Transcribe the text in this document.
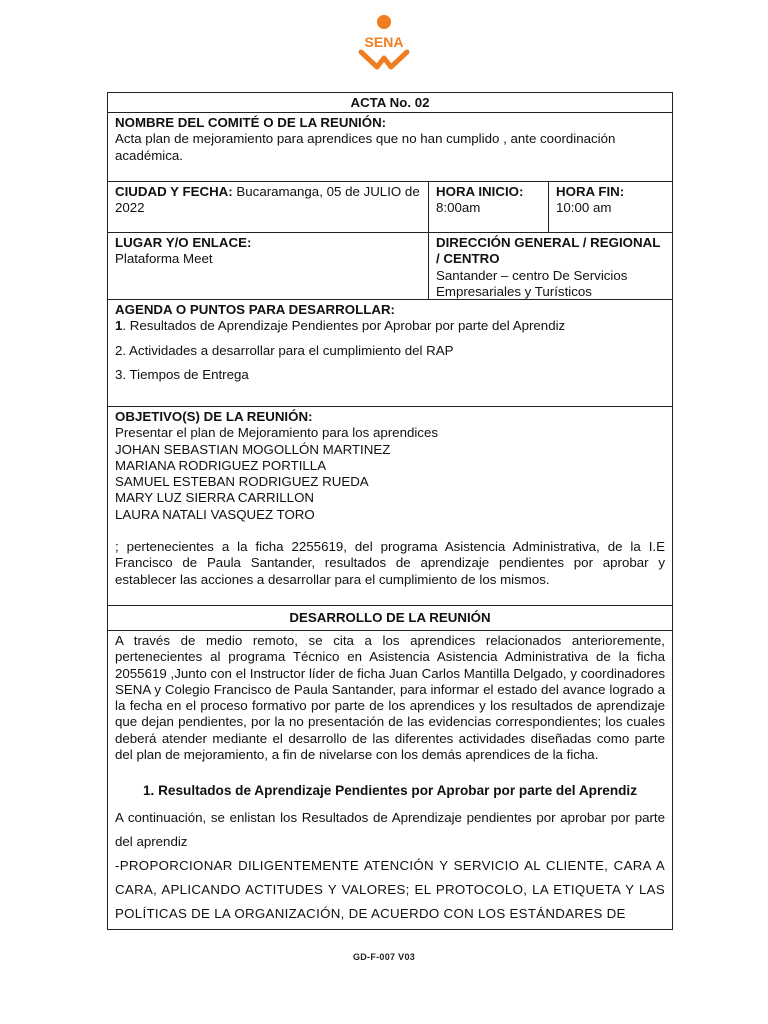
SENA
ACTA No. 02
NOMBRE DEL COMITÉ O DE LA REUNIÓN:
Acta plan de mejoramiento para aprendices que no han cumplido , ante coordinación académica.
CIUDAD Y FECHA: Bucaramanga, 05 de JULIO de 2022
HORA INICIO:
8:00am
HORA FIN:
10:00 am
LUGAR Y/O ENLACE:
Plataforma Meet
DIRECCIÓN GENERAL / REGIONAL / CENTRO
Santander – centro De Servicios Empresariales y Turísticos
AGENDA O PUNTOS PARA DESARROLLAR:
1. Resultados de Aprendizaje Pendientes por Aprobar por parte del Aprendiz
2. Actividades a desarrollar para el cumplimiento del RAP
3. Tiempos de Entrega
OBJETIVO(S) DE LA REUNIÓN:
Presentar el plan de Mejoramiento para los aprendices
JOHAN SEBASTIAN MOGOLLÓN MARTINEZ
MARIANA RODRIGUEZ PORTILLA
SAMUEL ESTEBAN RODRIGUEZ RUEDA
MARY LUZ SIERRA CARRILLON
LAURA NATALI VASQUEZ TORO
; pertenecientes a la ficha 2255619, del programa Asistencia Administrativa, de la I.E Francisco de Paula Santander, resultados de aprendizaje pendientes por aprobar y establecer las acciones a desarrollar para el cumplimiento de los mismos.
DESARROLLO DE LA REUNIÓN
A través de medio remoto, se cita a los aprendices relacionados anterioremente, pertenecientes al programa Técnico en Asistencia Asistencia Administrativa de la ficha 2055619 ,Junto con el Instructor líder de ficha Juan Carlos Mantilla Delgado, y coordinadores SENA y Colegio Francisco de Paula Santander, para informar el estado del avance logrado a la fecha en el proceso formativo por parte de los aprendices y los resultados de aprendizaje que dejan pendientes, por la no presentación de las evidencias correspondientes; los cuales deberá atender mediante el desarrollo de las diferentes actividades diseñadas como parte del plan de mejoramiento, a fin de nivelarse con los demás aprendices de la ficha.
1. Resultados de Aprendizaje Pendientes por Aprobar por parte del Aprendiz
A continuación, se enlistan los Resultados de Aprendizaje pendientes por aprobar por parte del aprendiz
-PROPORCIONAR DILIGENTEMENTE ATENCIÓN Y SERVICIO AL CLIENTE, CARA A CARA, APLICANDO ACTITUDES Y VALORES; EL PROTOCOLO, LA ETIQUETA Y LAS POLÍTICAS DE LA ORGANIZACIÓN, DE ACUERDO CON LOS ESTÁNDARES DE
GD-F-007 V03
